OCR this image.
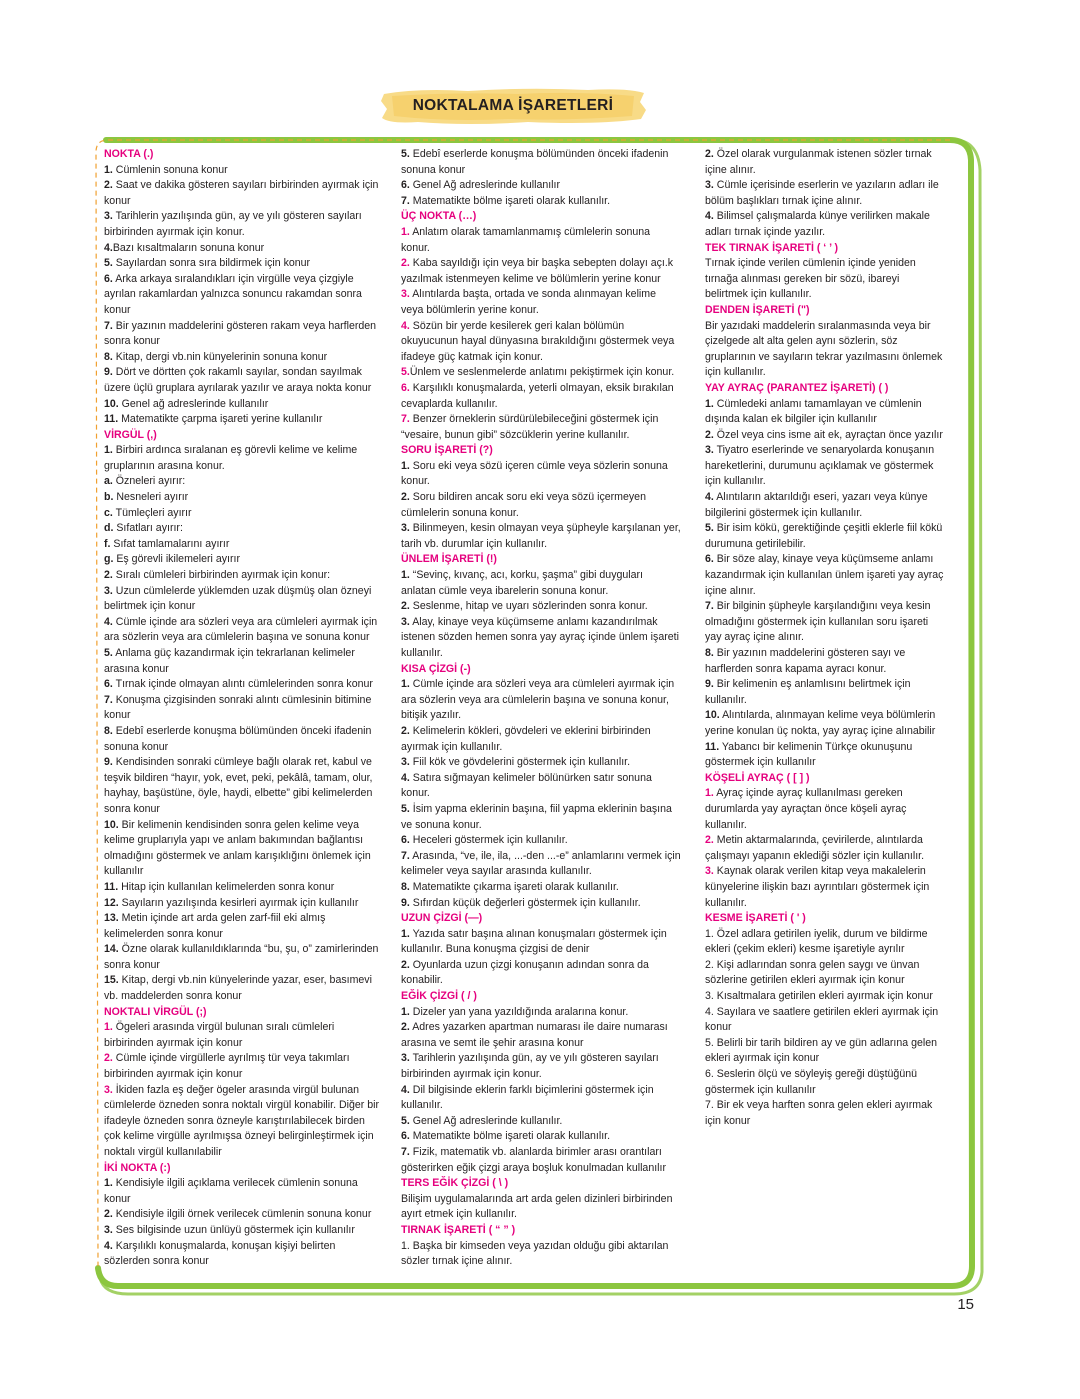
NOKTALAMA İŞARETLERİ
NOKTA (.)
1. Cümlenin sonuna konur
2. Saat ve dakika gösteren sayıları birbirinden ayırmak için
konur
3. Tarihlerin yazılışında gün, ay ve yılı gösteren sayıları
birbirinden ayırmak için konur.
4.Bazı kısaltmaların sonuna konur
5. Sayılardan sonra sıra bildirmek için konur
6. Arka arkaya sıralandıkları için virgülle veya çizgiyle
ayrılan rakamlardan yalnızca sonuncu rakamdan sonra
konur
7. Bir yazının maddelerini gösteren rakam veya harflerden
sonra konur
8. Kitap, dergi vb.nin künyelerinin sonuna konur
9. Dört ve dörtten çok rakamlı sayılar, sondan sayılmak
üzere üçlü gruplara ayrılarak yazılır ve araya nokta konur
10. Genel ağ adreslerinde kullanılır
11. Matematikte çarpma işareti yerine kullanılır
VİRGÜL (,)
1. Birbiri ardınca sıralanan eş görevli kelime ve kelime
gruplarının arasına konur.
a. Özneleri ayırır:
b. Nesneleri ayırır
c. Tümleçleri ayırır
d. Sıfatları ayırır:
f. Sıfat tamlamalarını ayırır
g. Eş görevli ikilemeleri ayırır
2. Sıralı cümleleri birbirinden ayırmak için konur:
3. Uzun cümlelerde yüklemden uzak düşmüş olan özneyi
belirtmek için konur
4. Cümle içinde ara sözleri veya ara cümleleri ayırmak için
ara sözlerin veya ara cümlelerin başına ve sonuna konur
5. Anlama güç kazandırmak için tekrarlanan kelimeler
arasına konur
6. Tırnak içinde olmayan alıntı cümlelerinden sonra konur
7. Konuşma çizgisinden sonraki alıntı cümlesinin bitimine
konur
8. Edebî eserlerde konuşma bölümünden önceki ifadenin
sonuna konur
9. Kendisinden sonraki cümleye bağlı olarak ret, kabul ve
teşvik bildiren “hayır, yok, evet, peki, pekâlâ, tamam, olur,
hayhay, başüstüne, öyle, haydi, elbette” gibi kelimelerden
sonra konur
10. Bir kelimenin kendisinden sonra gelen kelime veya
kelime gruplarıyla yapı ve anlam bakımından bağlantısı
olmadığını göstermek ve anlam karışıklığını önlemek için
kullanılır
11. Hitap için kullanılan kelimelerden sonra konur
12. Sayıların yazılışında kesirleri ayırmak için kullanılır
13. Metin içinde art arda gelen zarf-fiil eki almış
kelimelerden sonra konur
14. Özne olarak kullanıldıklarında “bu, şu, o” zamirlerinden
sonra konur
15. Kitap, dergi vb.nin künyelerinde yazar, eser, basımevi
vb. maddelerden sonra konur
NOKTALI VİRGÜL (;)
1. Ögeleri arasında virgül bulunan sıralı cümleleri
birbirinden ayırmak için konur
2. Cümle içinde virgüllerle ayrılmış tür veya takımları
birbirinden ayırmak için konur
3. İkiden fazla eş değer ögeler arasında virgül bulunan
cümlelerde özneden sonra noktalı virgül konabilir. Diğer bir
ifadeyle özneden sonra özneyle karıştırılabilecek birden
çok kelime virgülle ayrılmışsa özneyi belirginleştirmek için
noktalı virgül kullanılabilir
İKİ NOKTA (:)
1. Kendisiyle ilgili açıklama verilecek cümlenin sonuna
konur
2. Kendisiyle ilgili örnek verilecek cümlenin sonuna konur
3. Ses bilgisinde uzun ünlüyü göstermek için kullanılır
4. Karşılıklı konuşmalarda, konuşan kişiyi belirten
sözlerden sonra konur
5. Edebî eserlerde konuşma bölümünden önceki ifadenin
sonuna konur
6. Genel Ağ adreslerinde kullanılır
7. Matematikte bölme işareti olarak kullanılır.
ÜÇ NOKTA (…)
1. Anlatım olarak tamamlanmamış cümlelerin sonuna
konur.
2. Kaba sayıldığı için veya bir başka sebepten dolayı açı.k
yazılmak istenmeyen kelime ve bölümlerin yerine konur
3. Alıntılarda başta, ortada ve sonda alınmayan kelime
veya bölümlerin yerine konur.
4. Sözün bir yerde kesilerek geri kalan bölümün
okuyucunun hayal dünyasına bırakıldığını göstermek veya
ifadeye güç katmak için konur.
5.Ünlem ve seslenmelerde anlatımı pekiştirmek için konur.
6. Karşılıklı konuşmalarda, yeterli olmayan, eksik bırakılan
cevaplarda kullanılır.
7. Benzer örneklerin sürdürülebileceğini göstermek için
“vesaire, bunun gibi” sözcüklerin yerine kullanılır.
SORU İŞARETİ (?)
1. Soru eki veya sözü içeren cümle veya sözlerin sonuna
konur.
2. Soru bildiren ancak soru eki veya sözü içermeyen
cümlelerin sonuna konur.
3. Bilinmeyen, kesin olmayan veya şüpheyle karşılanan yer,
tarih vb. durumlar için kullanılır.
ÜNLEM İŞARETİ (!)
1. “Sevinç, kıvanç, acı, korku, şaşma” gibi duyguları
anlatan cümle veya ibarelerin sonuna konur.
2. Seslenme, hitap ve uyarı sözlerinden sonra konur.
3. Alay, kinaye veya küçümseme anlamı kazandırılmak
istenen sözden hemen sonra yay ayraç içinde ünlem işareti
kullanılır.
KISA ÇİZGİ (-)
1. Cümle içinde ara sözleri veya ara cümleleri ayırmak için
ara sözlerin veya ara cümlelerin başına ve sonuna konur,
bitişik yazılır.
2. Kelimelerin kökleri, gövdeleri ve eklerini birbirinden
ayırmak için kullanılır.
3. Fiil kök ve gövdelerini göstermek için kullanılır.
4. Satıra sığmayan kelimeler bölünürken satır sonuna
konur.
5. İsim yapma eklerinin başına, fiil yapma eklerinin başına
ve sonuna konur.
6. Heceleri göstermek için kullanılır.
7. Arasında, “ve, ile, ila, ...-den ...-e” anlamlarını vermek için
kelimeler veya sayılar arasında kullanılır.
8. Matematikte çıkarma işareti olarak kullanılır.
9. Sıfırdan küçük değerleri göstermek için kullanılır.
UZUN ÇİZGİ (—)
1. Yazıda satır başına alınan konuşmaları göstermek için
kullanılır. Buna konuşma çizgisi de denir
2. Oyunlarda uzun çizgi konuşanın adından sonra da
konabilir.
EĞİK ÇİZGİ ( / )
1. Dizeler yan yana yazıldığında aralarına konur.
2. Adres yazarken apartman numarası ile daire numarası
arasına ve semt ile şehir arasına konur
3. Tarihlerin yazılışında gün, ay ve yılı gösteren sayıları
birbirinden ayırmak için konur.
4. Dil bilgisinde eklerin farklı biçimlerini göstermek için
kullanılır.
5. Genel Ağ adreslerinde kullanılır.
6. Matematikte bölme işareti olarak kullanılır.
7. Fizik, matematik vb. alanlarda birimler arası orantıları
gösterirken eğik çizgi araya boşluk konulmadan kullanılır
TERS EĞİK ÇİZGİ ( \ )
Bilişim uygulamalarında art arda gelen dizinleri birbirinden
ayırt etmek için kullanılır.
TIRNAK İŞARETİ ( “ ” )
1. Başka bir kimseden veya yazıdan olduğu gibi aktarılan
sözler tırnak içine alınır.
2. Özel olarak vurgulanmak istenen sözler tırnak
içine alınır.
3. Cümle içerisinde eserlerin ve yazıların adları ile
bölüm başlıkları tırnak içine alınır.
4. Bilimsel çalışmalarda künye verilirken makale
adları tırnak içinde yazılır.
TEK TIRNAK İŞARETİ ( ‘ ’ )
Tırnak içinde verilen cümlenin içinde yeniden
tırnağa alınması gereken bir sözü, ibareyi
belirtmek için kullanılır.
DENDEN İŞARETİ (")
Bir yazıdaki maddelerin sıralanmasında veya bir
çizelgede alt alta gelen aynı sözlerin, söz
gruplarının ve sayıların tekrar yazılmasını önlemek
için kullanılır.
YAY AYRAÇ (PARANTEZ İŞARETİ) ( )
1. Cümledeki anlamı tamamlayan ve cümlenin
dışında kalan ek bilgiler için kullanılır
2. Özel veya cins isme ait ek, ayraçtan önce yazılır
3. Tiyatro eserlerinde ve senaryolarda konuşanın
hareketlerini, durumunu açıklamak ve göstermek
için kullanılır.
4. Alıntıların aktarıldığı eseri, yazarı veya künye
bilgilerini göstermek için kullanılır.
5. Bir isim kökü, gerektiğinde çeşitli eklerle fiil kökü
durumuna getirilebilir.
6. Bir söze alay, kinaye veya küçümseme anlamı
kazandırmak için kullanılan ünlem işareti yay ayraç
içine alınır.
7. Bir bilginin şüpheyle karşılandığını veya kesin
olmadığını göstermek için kullanılan soru işareti
yay ayraç içine alınır.
8. Bir yazının maddelerini gösteren sayı ve
harflerden sonra kapama ayracı konur.
9. Bir kelimenin eş anlamlısını belirtmek için
kullanılır.
10. Alıntılarda, alınmayan kelime veya bölümlerin
yerine konulan üç nokta, yay ayraç içine alınabilir
11. Yabancı bir kelimenin Türkçe okunuşunu
göstermek için kullanılır
KÖŞELİ AYRAÇ ( [ ] )
1. Ayraç içinde ayraç kullanılması gereken
durumlarda yay ayraçtan önce köşeli ayraç
kullanılır.
2. Metin aktarmalarında, çevirilerde, alıntılarda
çalışmayı yapanın eklediği sözler için kullanılır.
3. Kaynak olarak verilen kitap veya makalelerin
künyelerine ilişkin bazı ayrıntıları göstermek için
kullanılır.
KESME İŞARETİ ( ' )
1. Özel adlara getirilen iyelik, durum ve bildirme
ekleri (çekim ekleri) kesme işaretiyle ayrılır
2. Kişi adlarından sonra gelen saygı ve ünvan
sözlerine getirilen ekleri ayırmak için konur
3. Kısaltmalara getirilen ekleri ayırmak için konur
4. Sayılara ve saatlere getirilen ekleri ayırmak için
konur
5. Belirli bir tarih bildiren ay ve gün adlarına gelen
ekleri ayırmak için konur
6. Seslerin ölçü ve söyleyiş gereği düştüğünü
göstermek için kullanılır
7. Bir ek veya harften sonra gelen ekleri ayırmak
için konur
15
